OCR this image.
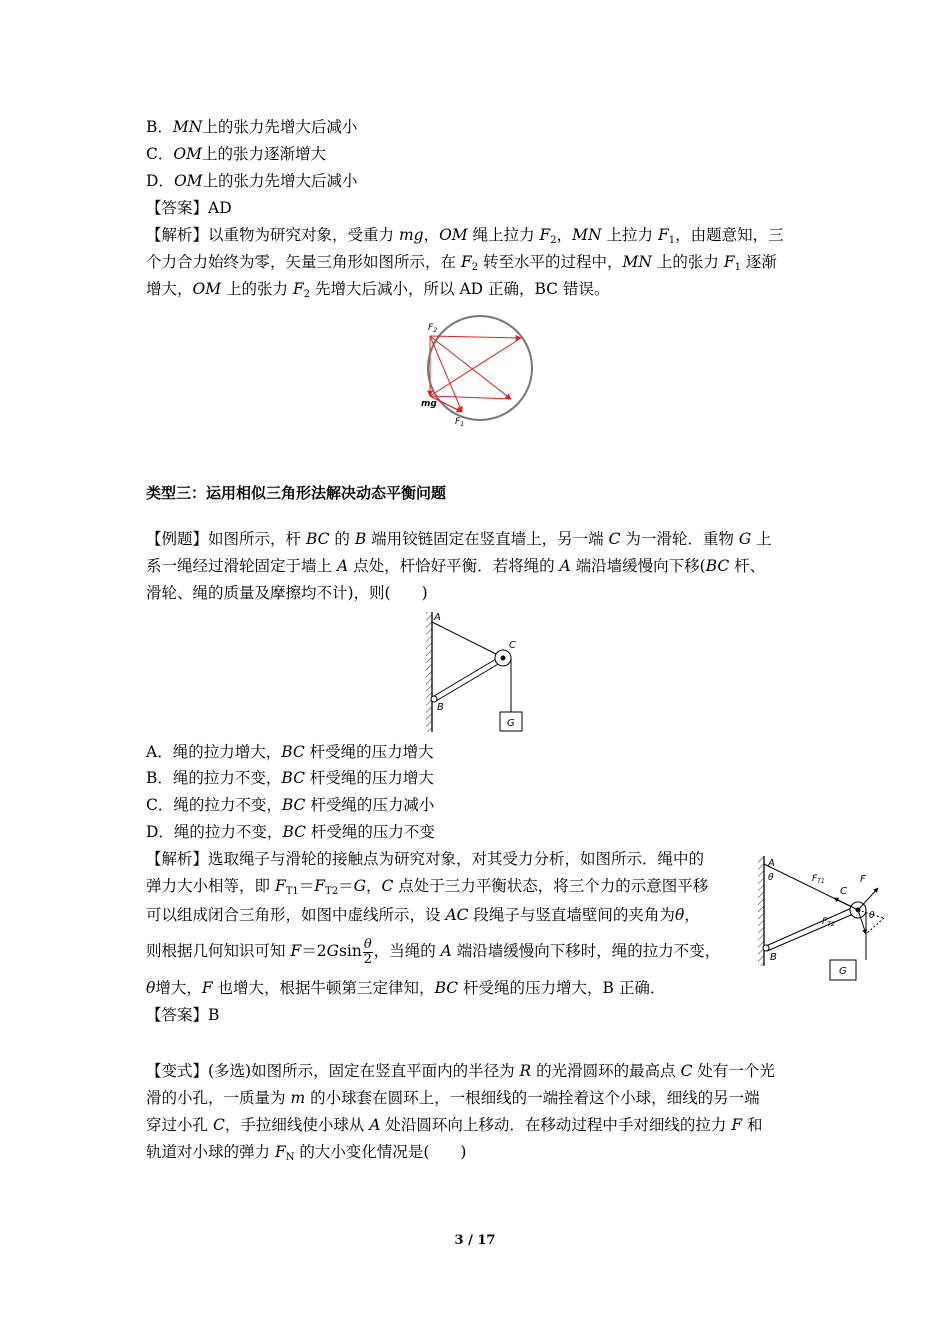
B．MN上的张力先增大后减小
C．OM上的张力逐渐增大
D．OM上的张力先增大后减小
【答案】AD
【解析】以重物为研究对象，受重力 mg，OM 绳上拉力 $F_2$，MN 上拉力 $F_1$，由题意知，三
个力合力始终为零，矢量三角形如图所示，在 $F_2$ 转至水平的过程中，MN 上的张力 $F_1$ 逐渐
增大，OM 上的张力 $F_2$ 先增大后减小，所以 AD 正确，BC 错误。
$F_2$
mg
$F_1$
类型三：运用相似三角形法解决动态平衡问题
【例题】如图所示，杆 BC 的 B 端用铰链固定在竖直墙上，另一端 C 为一滑轮．重物 G 上
系一绳经过滑轮固定于墙上 A 点处，杆恰好平衡．若将绳的 A 端沿墙缓慢向下移(BC 杆、
滑轮、绳的质量及摩擦均不计)，则(　　)
A
C
B
G
A．绳的拉力增大，BC 杆受绳的压力增大
B．绳的拉力不变，BC 杆受绳的压力增大
C．绳的拉力不变，BC 杆受绳的压力减小
D．绳的拉力不变，BC 杆受绳的压力不变
【解析】选取绳子与滑轮的接触点为研究对象，对其受力分析，如图所示．绳中的
弹力大小相等，即 $F_{T1}=F_{T2}=G$，C 点处于三力平衡状态，将三个力的示意图平移
可以组成闭合三角形，如图中虚线所示，设 AC 段绳子与竖直墙壁间的夹角为θ，
则根据几何知识可知 $F=2Gsin \frac{\theta}{2}$ ，当绳的 A 端沿墙缓慢向下移时，绳的拉力不变，
θ增大，F 也增大，根据牛顿第三定律知，BC 杆受绳的压力增大，B 正确．
【答案】B
A
θ	$F_{T1}$
C
F
θ
$F_{T2}$
B
G
【变式】(多选)如图所示，固定在竖直平面内的半径为 R 的光滑圆环的最高点 C 处有一个光
滑的小孔，一质量为 m 的小球套在圆环上，一根细线的一端拴着这个小球，细线的另一端
穿过小孔 C，手拉细线使小球从 A 处沿圆环向上移动．在移动过程中手对细线的拉力 F 和
轨道对小球的弹力 $F_N$ 的大小变化情况是(　　)
3 / 17
